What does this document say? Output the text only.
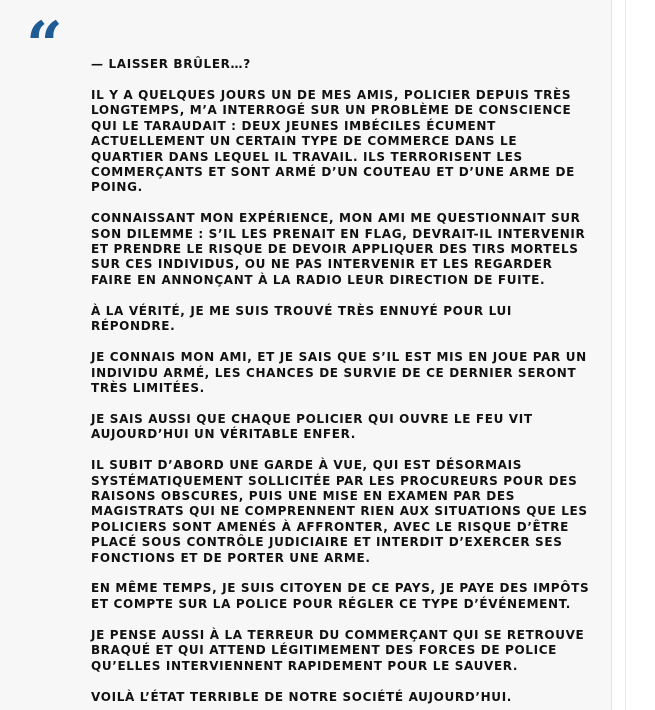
“	— LAISSER BRÛLER…?

IL Y A QUELQUES JOURS UN DE MES AMIS, POLICIER DEPUIS TRÈS LONGTEMPS, M’A INTERROGÉ SUR UN PROBLÈME DE CONSCIENCE QUI LE TARAUDAIT : DEUX JEUNES IMBÉCILES ÉCUMENT ACTUELLEMENT UN CERTAIN TYPE DE COMMERCE DANS LE QUARTIER DANS LEQUEL IL TRAVAIL. ILS TERRORISENT LES COMMERÇANTS ET SONT ARMÉ D’UN COUTEAU ET D’UNE ARME DE POING.

CONNAISSANT MON EXPÉRIENCE, MON AMI ME QUESTIONNAIT SUR SON DILEMME : S’IL LES PRENAIT EN FLAG, DEVRAIT-IL INTERVENIR ET PRENDRE LE RISQUE DE DEVOIR APPLIQUER DES TIRS MORTELS SUR CES INDIVIDUS, OU NE PAS INTERVENIR ET LES REGARDER FAIRE EN ANNONÇANT À LA RADIO LEUR DIRECTION DE FUITE.

À LA VÉRITÉ, JE ME SUIS TROUVÉ TRÈS ENNUYÉ POUR LUI RÉPONDRE.

JE CONNAIS MON AMI, ET JE SAIS QUE S’IL EST MIS EN JOUE PAR UN INDIVIDU ARMÉ, LES CHANCES DE SURVIE DE CE DERNIER SERONT TRÈS LIMITÉES.

JE SAIS AUSSI QUE CHAQUE POLICIER QUI OUVRE LE FEU VIT AUJOURD’HUI UN VÉRITABLE ENFER.

IL SUBIT D’ABORD UNE GARDE À VUE, QUI EST DÉSORMAIS SYSTÉMATIQUEMENT SOLLICITÉE PAR LES PROCUREURS POUR DES RAISONS OBSCURES, PUIS UNE MISE EN EXAMEN PAR DES MAGISTRATS QUI NE COMPRENNENT RIEN AUX SITUATIONS QUE LES POLICIERS SONT AMENÉS À AFFRONTER, AVEC LE RISQUE D’ÊTRE PLACÉ SOUS CONTRÔLE JUDICIAIRE ET INTERDIT D’EXERCER SES FONCTIONS ET DE PORTER UNE ARME.

EN MÊME TEMPS, JE SUIS CITOYEN DE CE PAYS, JE PAYE DES IMPÔTS ET COMPTE SUR LA POLICE POUR RÉGLER CE TYPE D’ÉVÉNEMENT.

JE PENSE AUSSI À LA TERREUR DU COMMERÇANT QUI SE RETROUVE BRAQUÉ ET QUI ATTEND LÉGITIMEMENT DES FORCES DE POLICE QU’ELLES INTERVIENNENT RAPIDEMENT POUR LE SAUVER.

VOILÀ L’ÉTAT TERRIBLE DE NOTRE SOCIÉTÉ AUJOURD’HUI.
